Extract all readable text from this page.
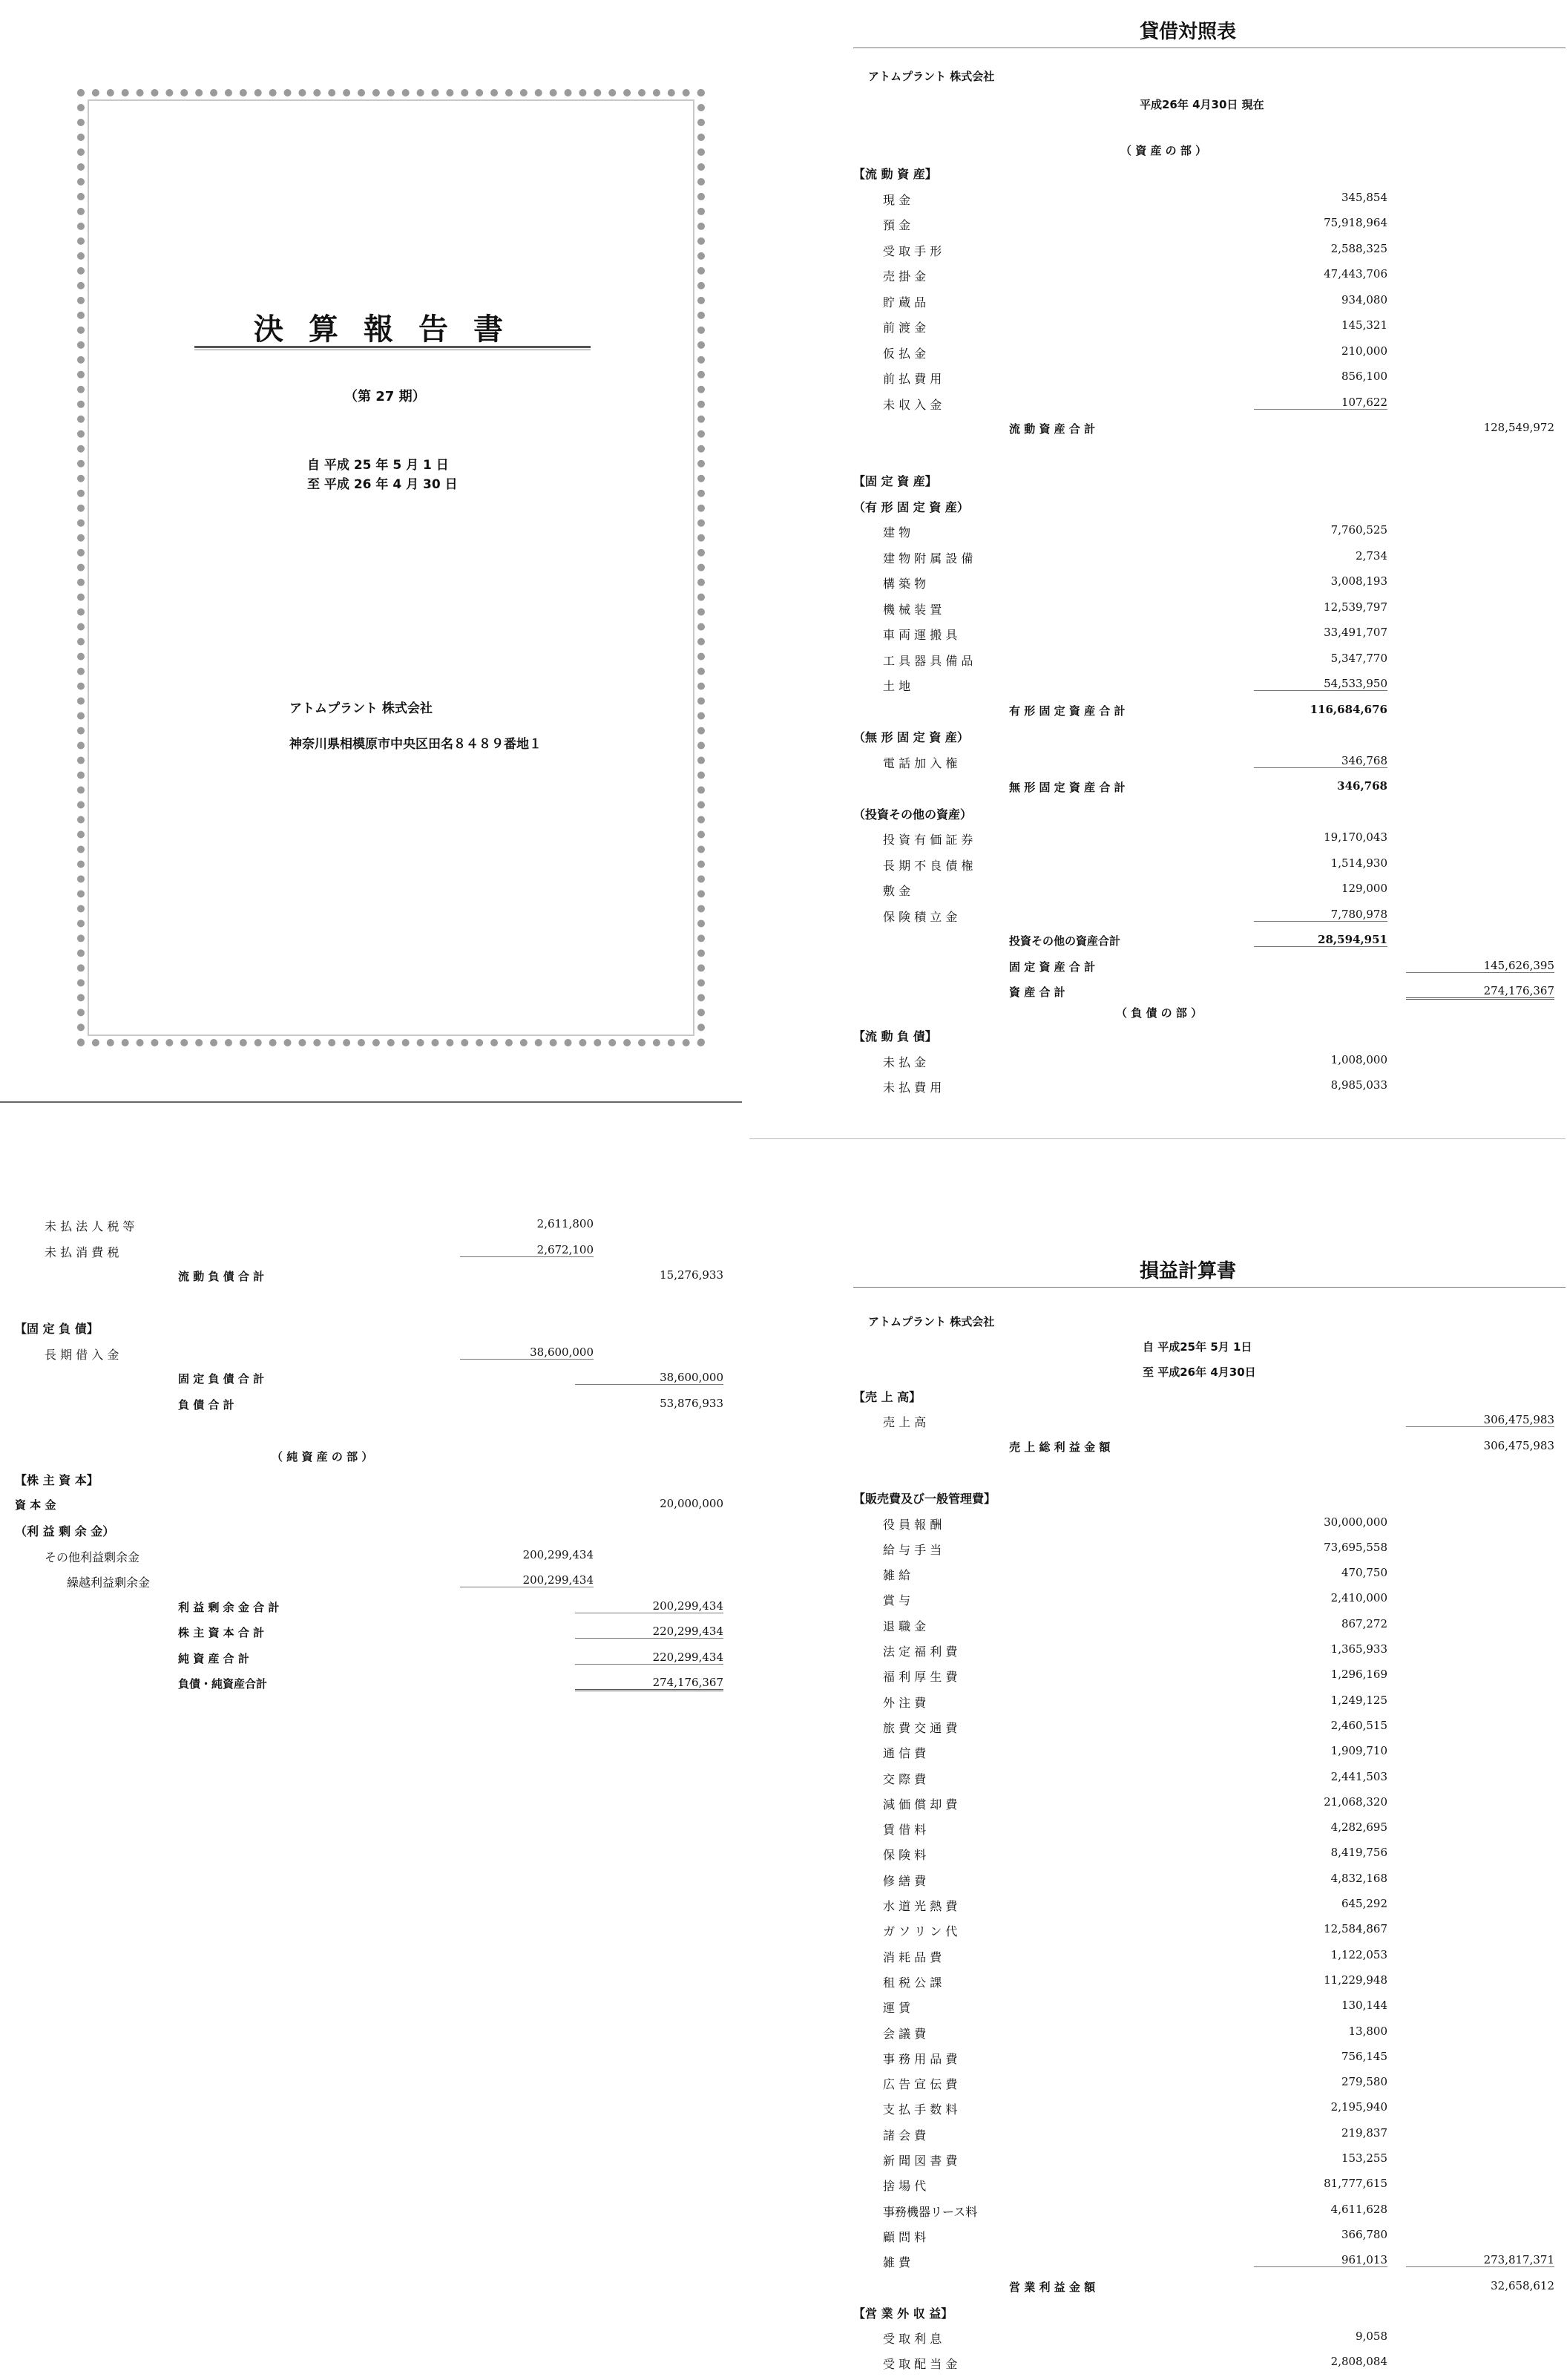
決算報告書
（第 27 期）
自 平成 25 年 5 月 1 日
至 平成 26 年 4 月 30 日
アトムプラント 株式会社
神奈川県相模原市中央区田名８４８９番地１
貸借対照表
アトムプラント 株式会社
平成26年 4月30日 現在
（ 資 産 の 部 ）
【流 動 資 産】
現 金	345,854
預 金	75,918,964
受 取 手 形	2,588,325
売 掛 金	47,443,706
貯 蔵 品	934,080
前 渡 金	145,321
仮 払 金	210,000
前 払 費 用	856,100
未 収 入 金	107,622
流 動 資 産 合 計	128,549,972
【固 定 資 産】
（有 形 固 定 資 産）
建 物	7,760,525
建 物 附 属 設 備	2,734
構 築 物	3,008,193
機 械 装 置	12,539,797
車 両 運 搬 具	33,491,707
工 具 器 具 備 品	5,347,770
土 地	54,533,950
有 形 固 定 資 産 合 計	116,684,676
（無 形 固 定 資 産）
電 話 加 入 権	346,768
無 形 固 定 資 産 合 計	346,768
（投資その他の資産）
投 資 有 価 証 券	19,170,043
長 期 不 良 債 権	1,514,930
敷 金	129,000
保 険 積 立 金	7,780,978
投資その他の資産合計	28,594,951
固 定 資 産 合 計	145,626,395
資 産 合 計	274,176,367
（ 負 債 の 部 ）
【流 動 負 債】
未 払 金	1,008,000
未 払 費 用	8,985,033
未 払 法 人 税 等	2,611,800
未 払 消 費 税	2,672,100
流 動 負 債 合 計	15,276,933
【固 定 負 債】
長 期 借 入 金	38,600,000
固 定 負 債 合 計	38,600,000
負 債 合 計	53,876,933
（ 純 資 産 の 部 ）
【株 主 資 本】
資 本 金	20,000,000
（利 益 剰 余 金）
その他利益剰余金	200,299,434
繰越利益剰余金	200,299,434
利 益 剰 余 金 合 計	200,299,434
株 主 資 本 合 計	220,299,434
純 資 産 合 計	220,299,434
負債・純資産合計	274,176,367
損益計算書
アトムプラント 株式会社
自 平成25年 5月 1日
至 平成26年 4月30日
【売 上 高】
売 上 高	306,475,983
売 上 総 利 益 金 額	306,475,983
【販売費及び一般管理費】
役 員 報 酬	30,000,000
給 与 手 当	73,695,558
雑 給	470,750
賞 与	2,410,000
退 職 金	867,272
法 定 福 利 費	1,365,933
福 利 厚 生 費	1,296,169
外 注 費	1,249,125
旅 費 交 通 費	2,460,515
通 信 費	1,909,710
交 際 費	2,441,503
減 価 償 却 費	21,068,320
賃 借 料	4,282,695
保 険 料	8,419,756
修 繕 費	4,832,168
水 道 光 熱 費	645,292
ガ ソ リ ン 代	12,584,867
消 耗 品 費	1,122,053
租 税 公 課	11,229,948
運 賃	130,144
会 議 費	13,800
事 務 用 品 費	756,145
広 告 宣 伝 費	279,580
支 払 手 数 料	2,195,940
諸 会 費	219,837
新 聞 図 書 費	153,255
捨 場 代	81,777,615
事務機器リース料	4,611,628
顧 問 料	366,780
雑 費	961,013	273,817,371
営 業 利 益 金 額	32,658,612
【営 業 外 収 益】
受 取 利 息	9,058
受 取 配 当 金	2,808,084
